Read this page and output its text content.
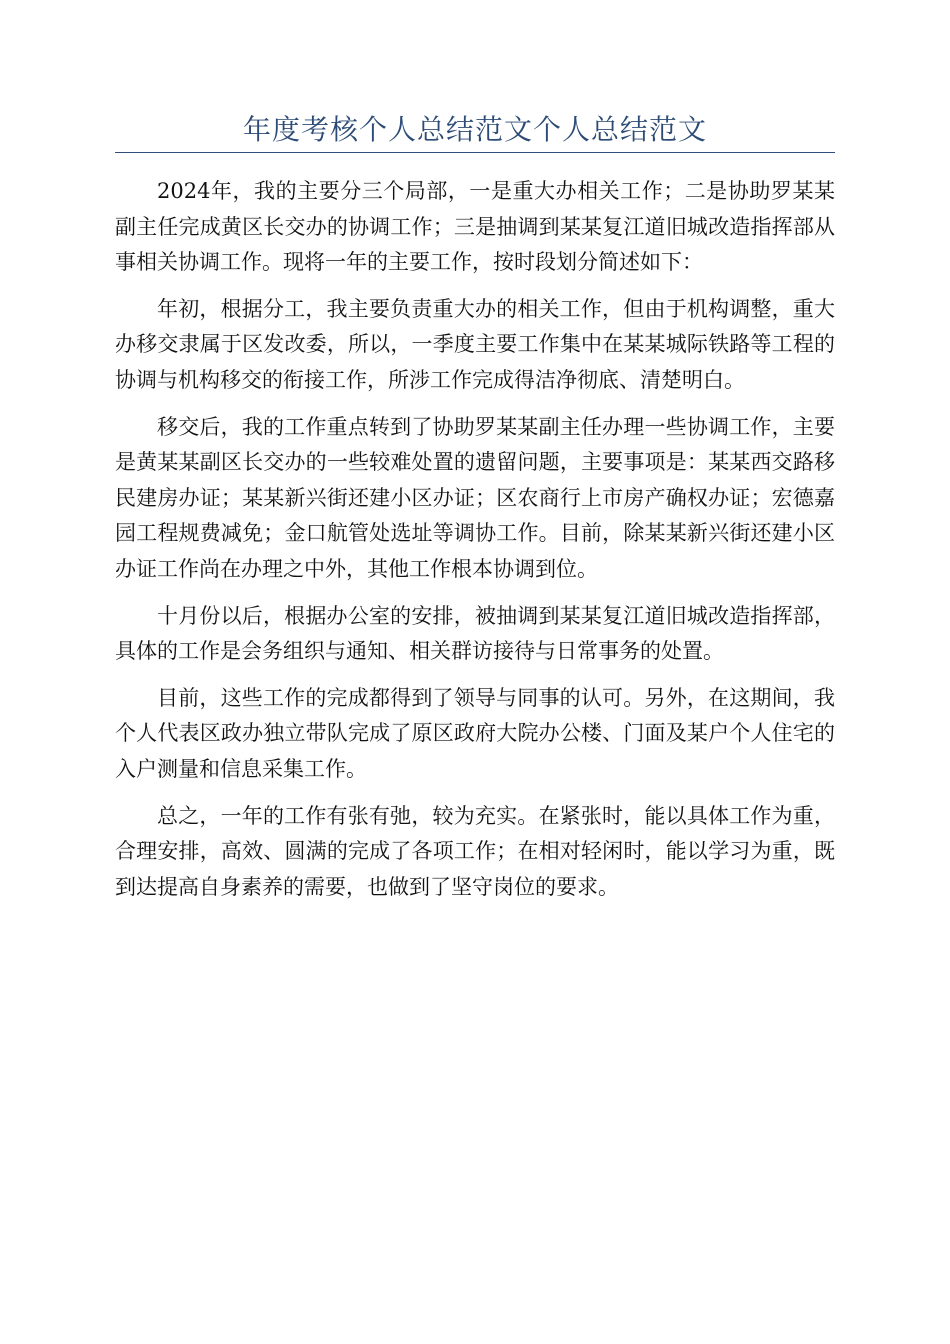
年度考核个人总结范文个人总结范文

2024年，我的主要分三个局部，一是重大办相关工作；二是协助罗某某副主任完成黄区长交办的协调工作；三是抽调到某某复江道旧城改造指挥部从事相关协调工作。现将一年的主要工作，按时段划分简述如下：

年初，根据分工，我主要负责重大办的相关工作，但由于机构调整，重大办移交隶属于区发改委，所以，一季度主要工作集中在某某城际铁路等工程的协调与机构移交的衔接工作，所涉工作完成得洁净彻底、清楚明白。

移交后，我的工作重点转到了协助罗某某副主任办理一些协调工作，主要是黄某某副区长交办的一些较难处置的遗留问题，主要事项是：某某西交路移民建房办证；某某新兴街还建小区办证；区农商行上市房产确权办证；宏德嘉园工程规费减免；金口航管处选址等调协工作。目前，除某某新兴街还建小区办证工作尚在办理之中外，其他工作根本协调到位。

十月份以后，根据办公室的安排，被抽调到某某复江道旧城改造指挥部，具体的工作是会务组织与通知、相关群访接待与日常事务的处置。

目前，这些工作的完成都得到了领导与同事的认可。另外，在这期间，我个人代表区政办独立带队完成了原区政府大院办公楼、门面及某户个人住宅的入户测量和信息采集工作。

总之，一年的工作有张有弛，较为充实。在紧张时，能以具体工作为重，合理安排，高效、圆满的完成了各项工作；在相对轻闲时，能以学习为重，既到达提高自身素养的需要，也做到了坚守岗位的要求。
